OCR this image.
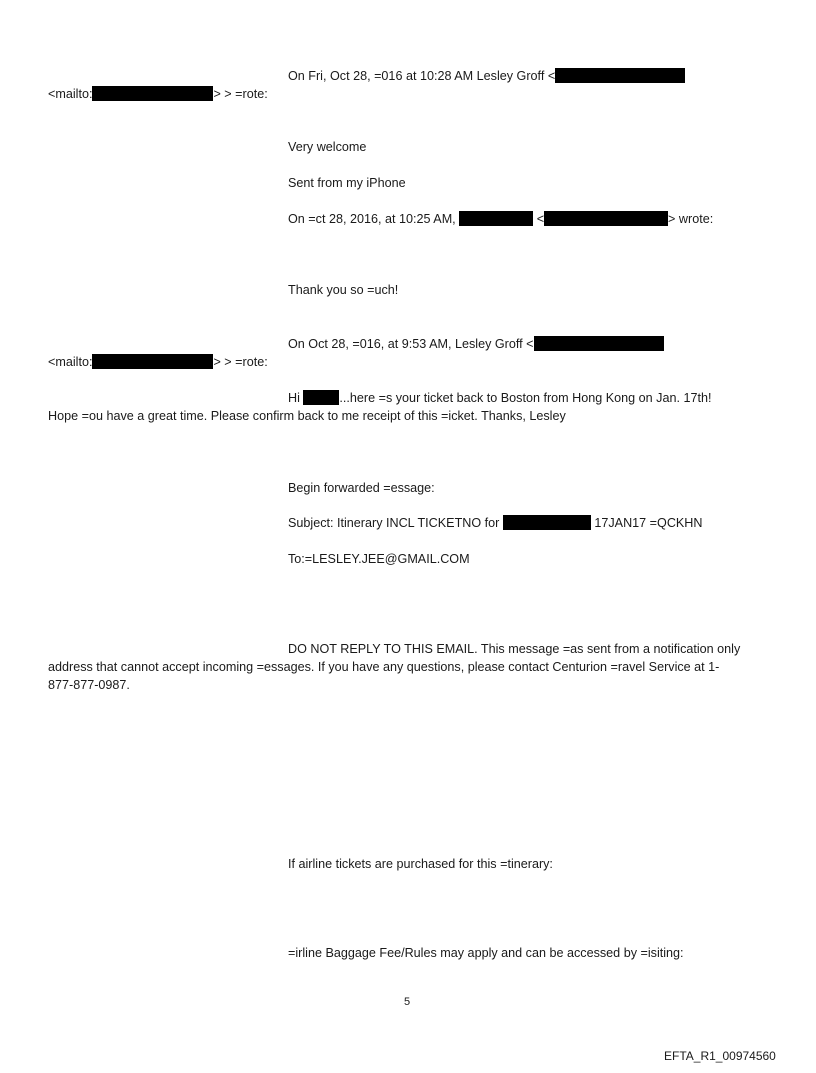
On Fri, Oct 28, =016 at 10:28 AM Lesley Groff <
<mailto:	> > =rote:
Very welcome
Sent from my iPhone
On =ct 28, 2016, at 10:25 AM,	<	> wrote:
Thank you so =uch!
On Oct 28, =016, at 9:53 AM, Lesley Groff <
<mailto:	> > =rote:
Hi	...here =s your ticket back to Boston from Hong Kong on Jan. 17th!
Hope =ou have a great time. Please confirm back to me receipt of this =icket. Thanks, Lesley
Begin forwarded =essage:
Subject: Itinerary INCL TICKETNO for	17JAN17 =QCKHN
To:=LESLEY.JEE@GMAIL.COM
DO NOT REPLY TO THIS EMAIL. This message =as sent from a notification only
address that cannot accept incoming =essages. If you have any questions, please contact Centurion =ravel Service at 1-
877-877-0987.
If airline tickets are purchased for this =tinerary:
=irline Baggage Fee/Rules may apply and can be accessed by =isiting:
5
EFTA_R1_00974560
